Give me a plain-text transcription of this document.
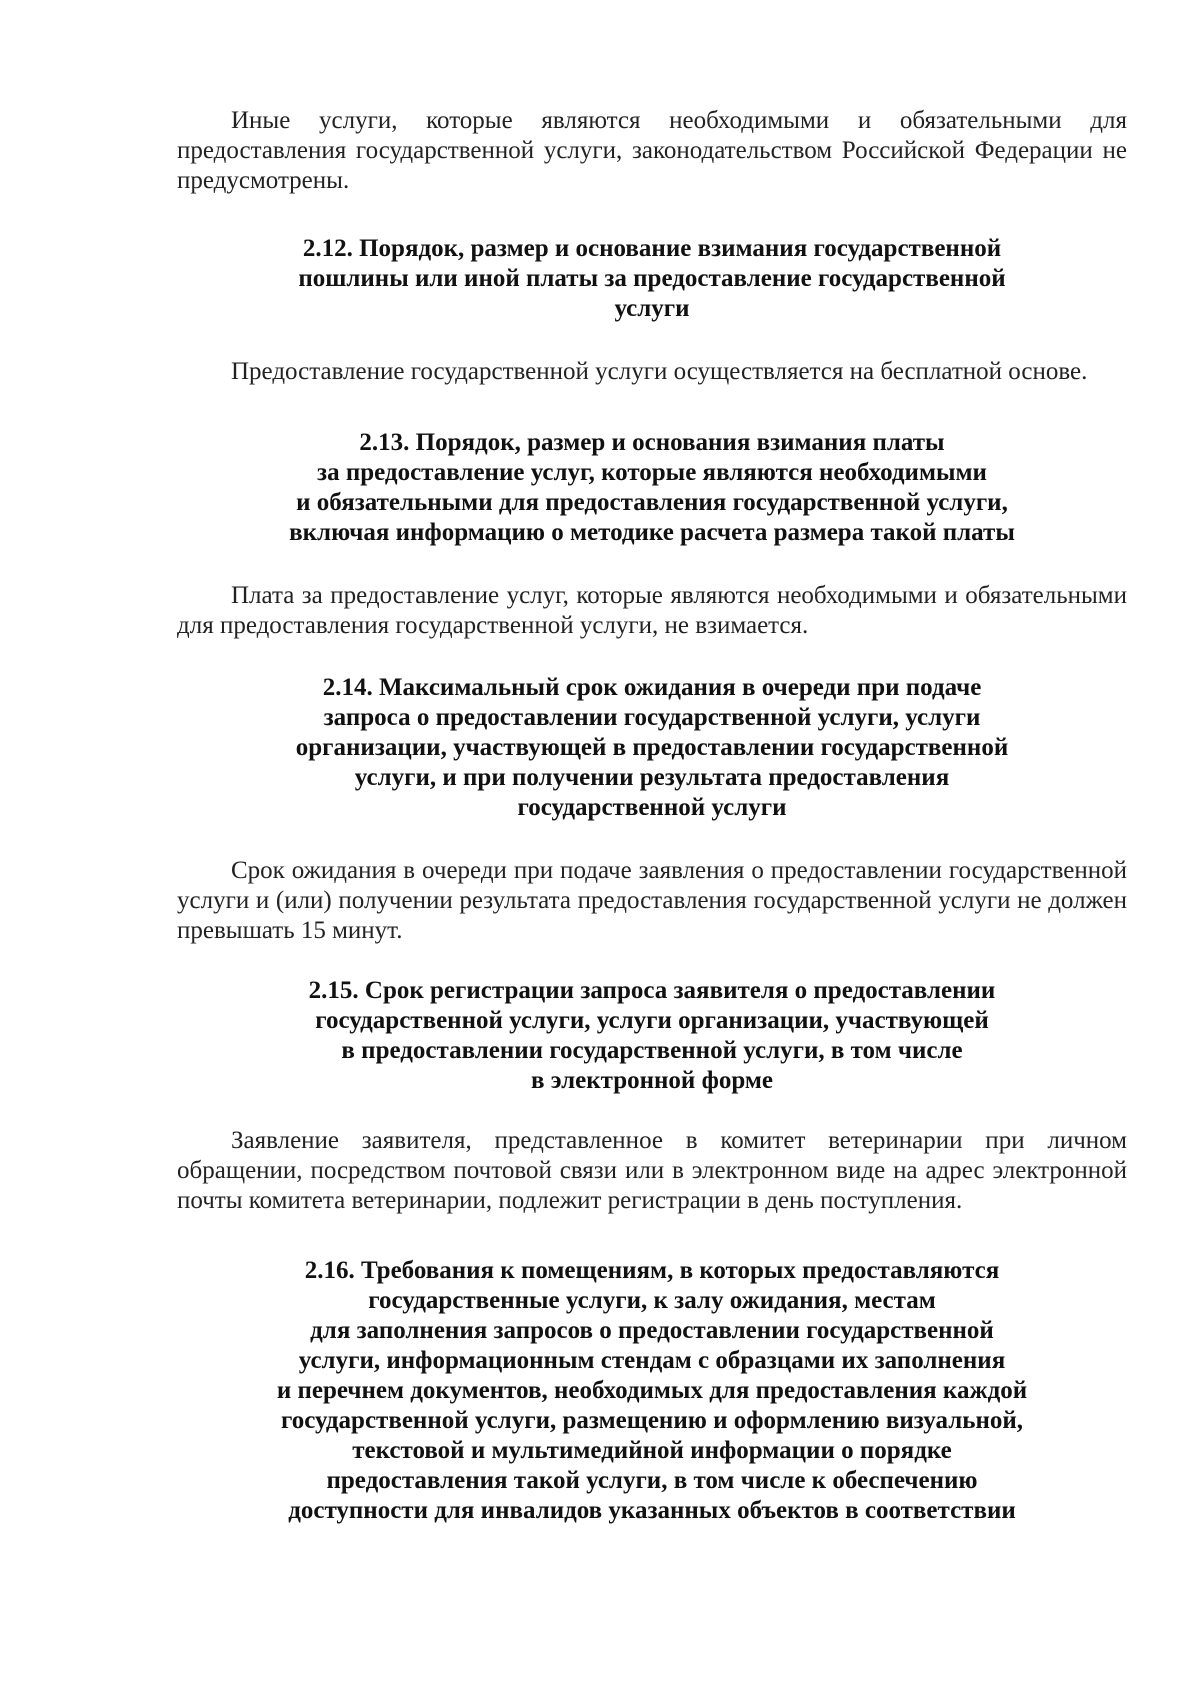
Иные услуги, которые являются необходимыми и обязательными для предоставления государственной услуги, законодательством Российской Федерации не предусмотрены.

2.12. Порядок, размер и основание взимания государственной
пошлины или иной платы за предоставление государственной
услуги

Предоставление государственной услуги осуществляется на бесплатной основе.

2.13. Порядок, размер и основания взимания платы
за предоставление услуг, которые являются необходимыми
и обязательными для предоставления государственной услуги,
включая информацию о методике расчета размера такой платы

Плата за предоставление услуг, которые являются необходимыми и обязательными для предоставления государственной услуги, не взимается.

2.14. Максимальный срок ожидания в очереди при подаче
запроса о предоставлении государственной услуги, услуги
организации, участвующей в предоставлении государственной
услуги, и при получении результата предоставления
государственной услуги

Срок ожидания в очереди при подаче заявления о предоставлении государственной услуги и (или) получении результата предоставления государственной услуги не должен превышать 15 минут.

2.15. Срок регистрации запроса заявителя о предоставлении
государственной услуги, услуги организации, участвующей
в предоставлении государственной услуги, в том числе
в электронной форме

Заявление заявителя, представленное в комитет ветеринарии при личном обращении, посредством почтовой связи или в электронном виде на адрес электронной почты комитета ветеринарии, подлежит регистрации в день поступления.

2.16. Требования к помещениям, в которых предоставляются
государственные услуги, к залу ожидания, местам
для заполнения запросов о предоставлении государственной
услуги, информационным стендам с образцами их заполнения
и перечнем документов, необходимых для предоставления каждой
государственной услуги, размещению и оформлению визуальной,
текстовой и мультимедийной информации о порядке
предоставления такой услуги, в том числе к обеспечению
доступности для инвалидов указанных объектов в соответствии
